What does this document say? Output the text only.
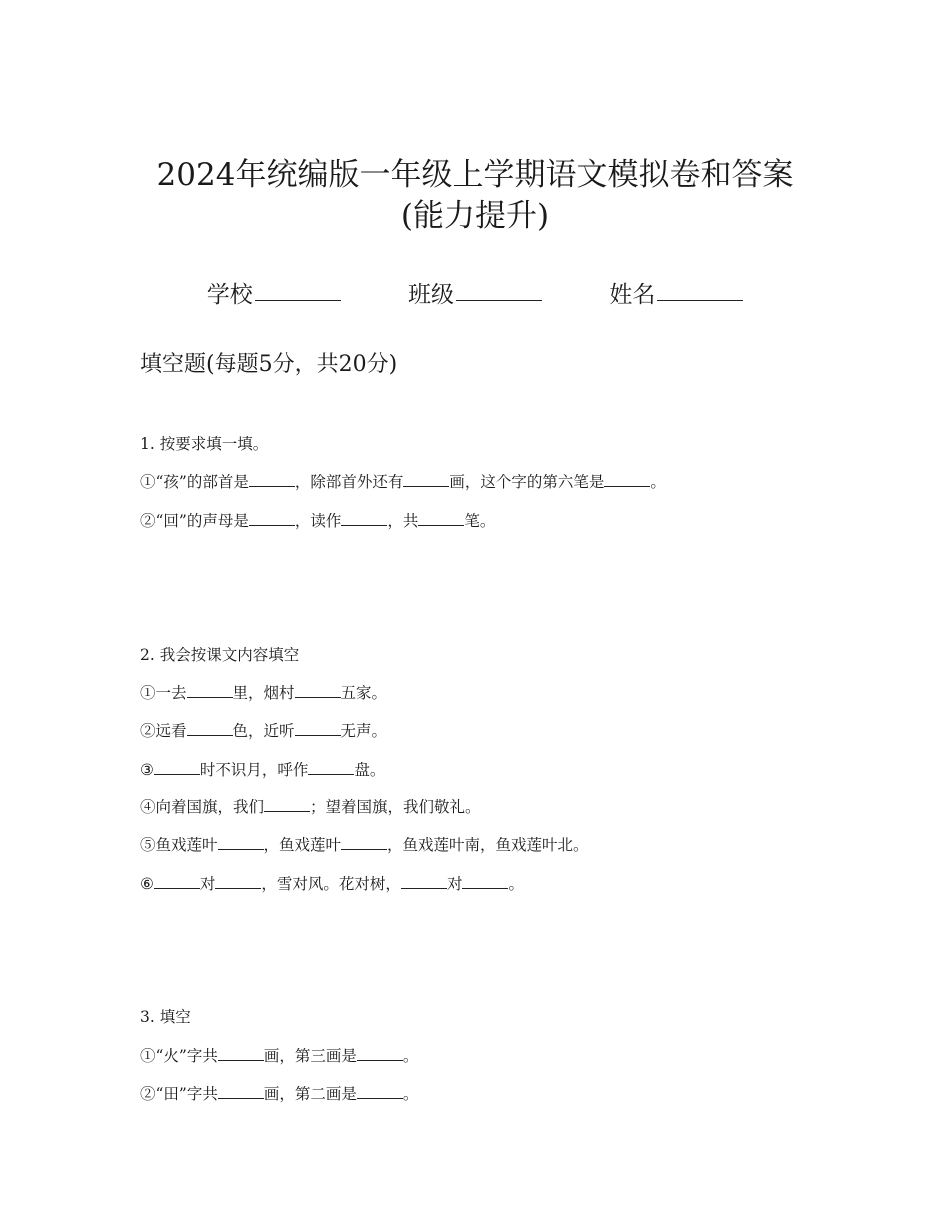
2024年统编版一年级上学期语文模拟卷和答案
(能力提升)
学校	班级	姓名
填空题(每题5分，共20分)
1. 按要求填一填。
①“孩”的部首是	，除部首外还有	画，这个字的第六笔是	。
②“回”的声母是	，读作	，共	笔。
2. 我会按课文内容填空
①一去	里，烟村	五家。
②远看	色，近听	无声。
③	时不识月，呼作	盘。
④向着国旗，我们	；望着国旗，我们敬礼。
⑤鱼戏莲叶	，鱼戏莲叶	，鱼戏莲叶南，鱼戏莲叶北。
⑥	对	，雪对风。花对树，	对	。
3. 填空
①“火”字共	画，第三画是	。
②“田”字共	画，第二画是	。
